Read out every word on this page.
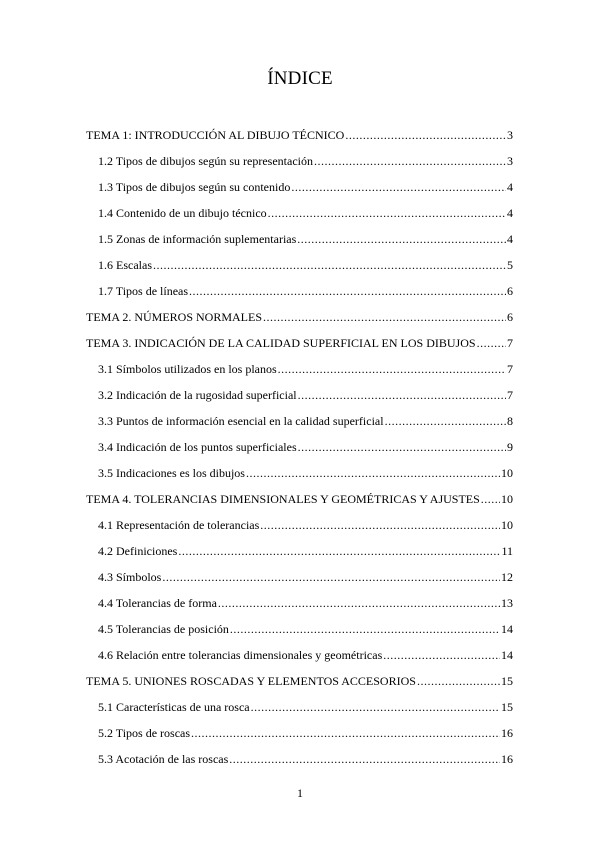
ÍNDICE
TEMA 1: INTRODUCCIÓN AL DIBUJO TÉCNICO .....	3
1.2 Tipos de dibujos según su representación .....	3
1.3 Tipos de dibujos según su contenido .....	4
1.4 Contenido de un dibujo técnico .....	4
1.5 Zonas de información suplementarias .....	4
1.6 Escalas .....	5
1.7 Tipos de líneas .....	6
TEMA 2. NÚMEROS NORMALES .....	6
TEMA 3. INDICACIÓN DE LA CALIDAD SUPERFICIAL EN LOS DIBUJOS .....	7
3.1 Símbolos utilizados en los planos .....	7
3.2 Indicación de la rugosidad superficial .....	7
3.3 Puntos de información esencial en la calidad superficial .....	8
3.4 Indicación de los puntos superficiales .....	9
3.5 Indicaciones es los dibujos .....	10
TEMA 4. TOLERANCIAS DIMENSIONALES Y GEOMÉTRICAS Y AJUSTES ..... 10
4.1 Representación de tolerancias .....	10
4.2 Definiciones .....	11
4.3 Símbolos .....	12
4.4 Tolerancias de forma .....	13
4.5 Tolerancias de posición .....	14
4.6 Relación entre tolerancias dimensionales y geométricas .....	14
TEMA 5. UNIONES ROSCADAS Y ELEMENTOS ACCESORIOS .....	15
5.1 Características de una rosca .....	15
5.2 Tipos de roscas .....	16
5.3 Acotación de las roscas .....	16
1
